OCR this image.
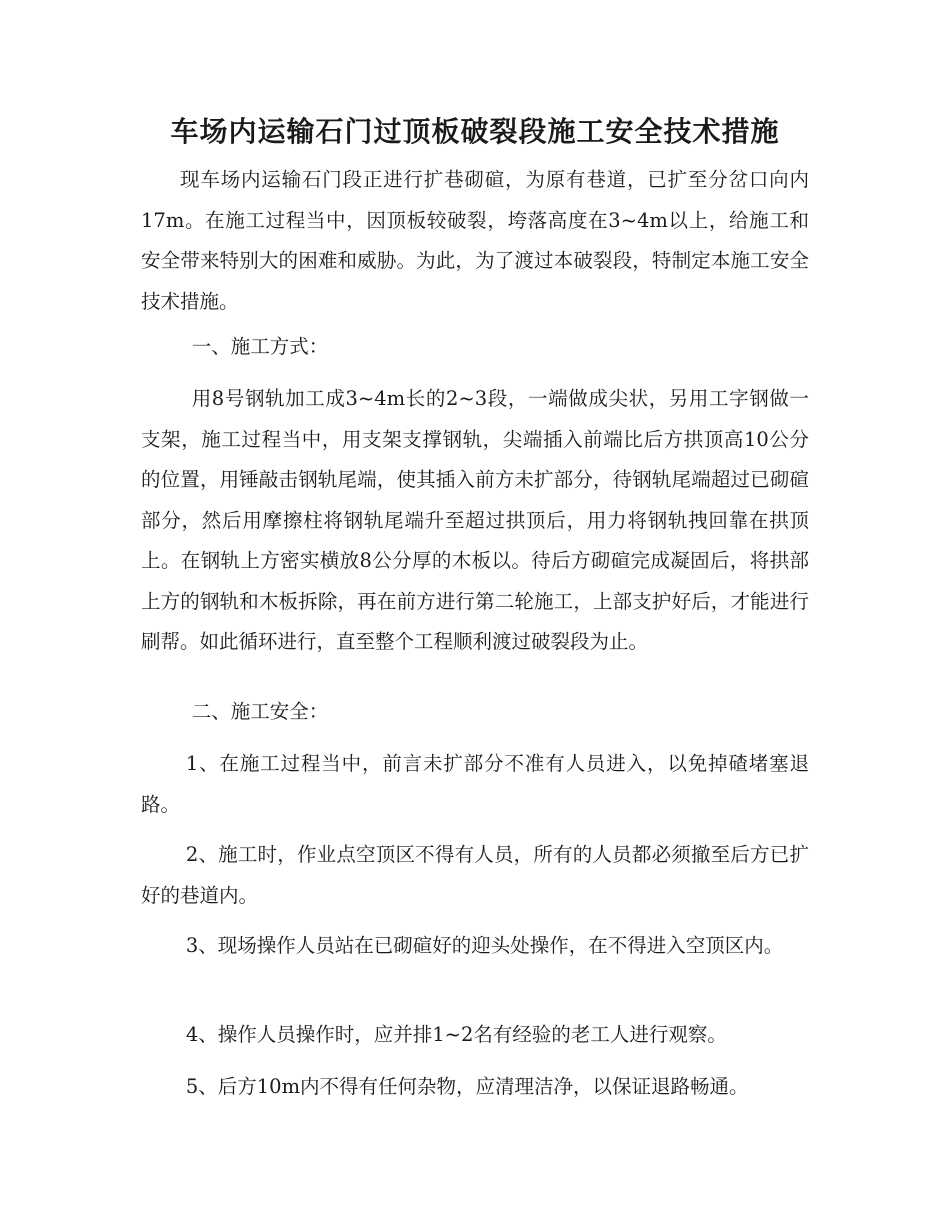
车场内运输石门过顶板破裂段施工安全技术措施

现车场内运输石门段正进行扩巷砌碹，为原有巷道，已扩至分岔口向内17m。在施工过程当中，因顶板较破裂，垮落高度在3~4m以上，给施工和安全带来特别大的困难和威胁。为此，为了渡过本破裂段，特制定本施工安全技术措施。

一、施工方式：

用8号钢轨加工成3~4m长的2~3段，一端做成尖状，另用工字钢做一支架，施工过程当中，用支架支撑钢轨，尖端插入前端比后方拱顶高10公分的位置，用锤敲击钢轨尾端，使其插入前方未扩部分，待钢轨尾端超过已砌碹部分，然后用摩擦柱将钢轨尾端升至超过拱顶后，用力将钢轨拽回靠在拱顶上。在钢轨上方密实横放8公分厚的木板以。待后方砌碹完成凝固后，将拱部上方的钢轨和木板拆除，再在前方进行第二轮施工，上部支护好后，才能进行刷帮。如此循环进行，直至整个工程顺利渡过破裂段为止。

二、施工安全：

1、在施工过程当中，前言未扩部分不准有人员进入，以免掉碴堵塞退路。

2、施工时，作业点空顶区不得有人员，所有的人员都必须撤至后方已扩好的巷道内。

3、现场操作人员站在已砌碹好的迎头处操作，在不得进入空顶区内。

4、操作人员操作时，应并排1~2名有经验的老工人进行观察。

5、后方10m内不得有任何杂物，应清理洁净，以保证退路畅通。
